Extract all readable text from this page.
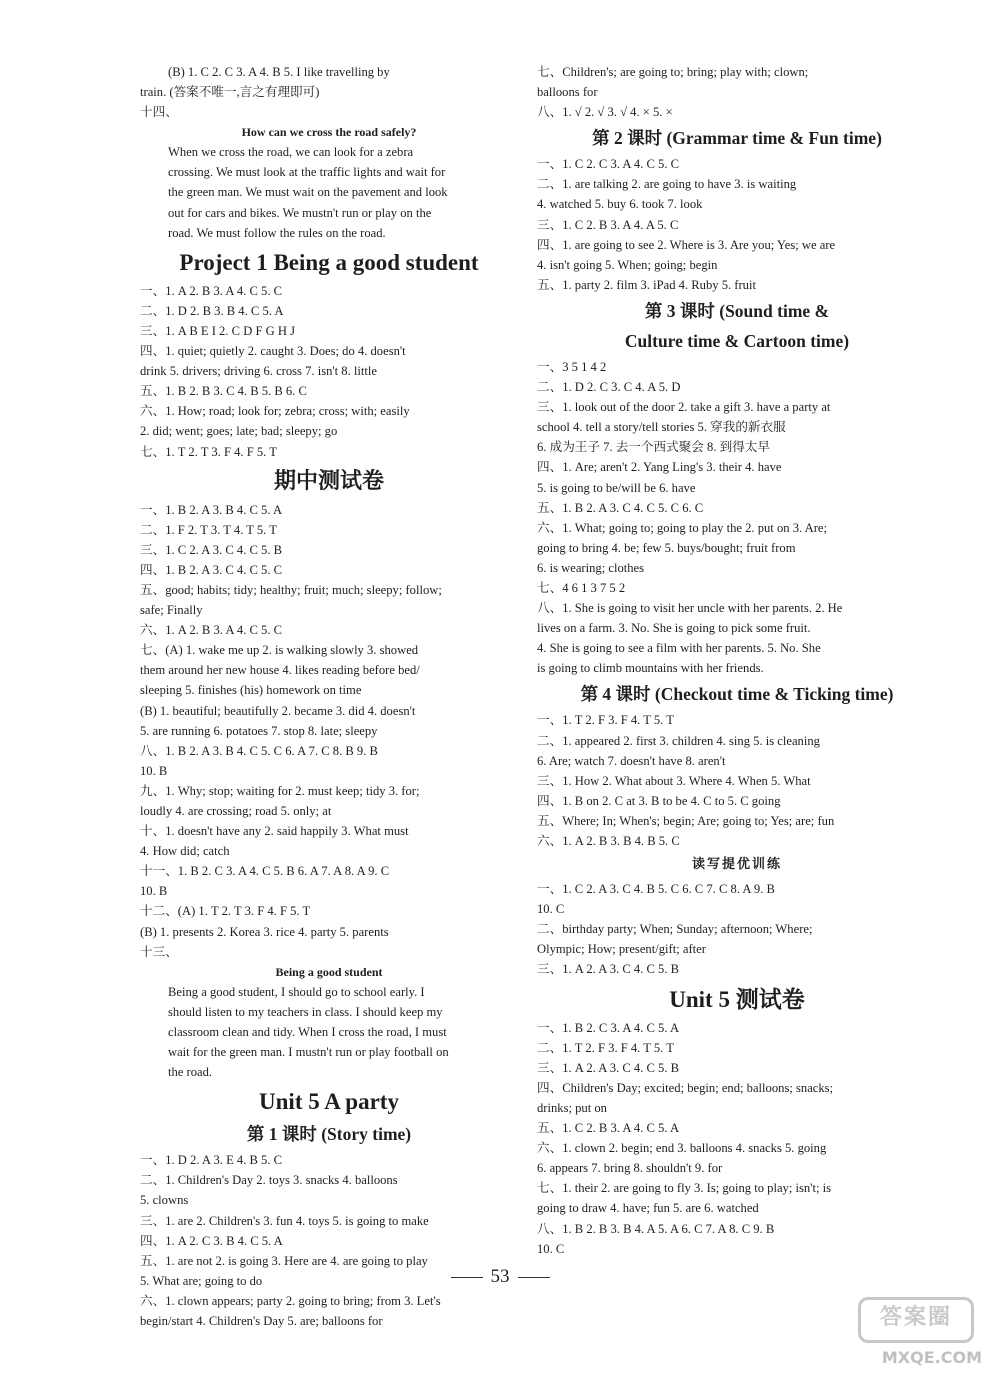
(B) 1. C 2. C 3. A 4. B 5. I like travelling by
train. (答案不唯一,言之有理即可)
十四、
How can we cross the road safely?
When we cross the road, we can look for a zebra
crossing. We must look at the traffic lights and wait for
the green man. We must wait on the pavement and look
out for cars and bikes. We mustn't run or play on the
road. We must follow the rules on the road.
Project 1 Being a good student
一、1. A 2. B 3. A 4. C 5. C
二、1. D 2. B 3. B 4. C 5. A
三、1. A B E I 2. C D F G H J
四、1. quiet; quietly 2. caught 3. Does; do 4. doesn't
drink 5. drivers; driving 6. cross 7. isn't 8. little
五、1. B 2. B 3. C 4. B 5. B 6. C
六、1. How; road; look for; zebra; cross; with; easily
2. did; went; goes; late; bad; sleepy; go
七、1. T 2. T 3. F 4. F 5. T
期中测试卷
一、1. B 2. A 3. B 4. C 5. A
二、1. F 2. T 3. T 4. T 5. T
三、1. C 2. A 3. C 4. C 5. B
四、1. B 2. A 3. C 4. C 5. C
五、good; habits; tidy; healthy; fruit; much; sleepy; follow;
safe; Finally
六、1. A 2. B 3. A 4. C 5. C
七、(A) 1. wake me up 2. is walking slowly 3. showed
them around her new house 4. likes reading before bed/
sleeping 5. finishes (his) homework on time
(B) 1. beautiful; beautifully 2. became 3. did 4. doesn't
5. are running 6. potatoes 7. stop 8. late; sleepy
八、1. B 2. A 3. B 4. C 5. C 6. A 7. C 8. B 9. B
10. B
九、1. Why; stop; waiting for 2. must keep; tidy 3. for;
loudly 4. are crossing; road 5. only; at
十、1. doesn't have any 2. said happily 3. What must
4. How did; catch
十一、1. B 2. C 3. A 4. C 5. B 6. A 7. A 8. A 9. C
10. B
十二、(A) 1. T 2. T 3. F 4. F 5. T
(B) 1. presents 2. Korea 3. rice 4. party 5. parents
十三、
Being a good student
Being a good student, I should go to school early. I
should listen to my teachers in class. I should keep my
classroom clean and tidy. When I cross the road, I must
wait for the green man. I mustn't run or play football on
the road.
Unit 5 A party
第 1 课时 (Story time)
一、1. D 2. A 3. E 4. B 5. C
二、1. Children's Day 2. toys 3. snacks 4. balloons
5. clowns
三、1. are 2. Children's 3. fun 4. toys 5. is going to make
四、1. A 2. C 3. B 4. C 5. A
五、1. are not 2. is going 3. Here are 4. are going to play
5. What are; going to do
六、1. clown appears; party 2. going to bring; from 3. Let's
begin/start 4. Children's Day 5. are; balloons for
七、Children's; are going to; bring; play with; clown;
balloons for
八、1. √ 2. √ 3. √ 4. × 5. ×
第 2 课时 (Grammar time & Fun time)
一、1. C 2. C 3. A 4. C 5. C
二、1. are talking 2. are going to have 3. is waiting
4. watched 5. buy 6. took 7. look
三、1. C 2. B 3. A 4. A 5. C
四、1. are going to see 2. Where is 3. Are you; Yes; we are
4. isn't going 5. When; going; begin
五、1. party 2. film 3. iPad 4. Ruby 5. fruit
第 3 课时 (Sound time &
Culture time & Cartoon time)
一、3 5 1 4 2
二、1. D 2. C 3. C 4. A 5. D
三、1. look out of the door 2. take a gift 3. have a party at
school 4. tell a story/tell stories 5. 穿我的新衣服
6. 成为王子 7. 去一个西式聚会 8. 到得太早
四、1. Are; aren't 2. Yang Ling's 3. their 4. have
5. is going to be/will be 6. have
五、1. B 2. A 3. C 4. C 5. C 6. C
六、1. What; going to; going to play the 2. put on 3. Are;
going to bring 4. be; few 5. buys/bought; fruit from
6. is wearing; clothes
七、4 6 1 3 7 5 2
八、1. She is going to visit her uncle with her parents. 2. He
lives on a farm. 3. No. She is going to pick some fruit.
4. She is going to see a film with her parents. 5. No. She
is going to climb mountains with her friends.
第 4 课时 (Checkout time & Ticking time)
一、1. T 2. F 3. F 4. T 5. T
二、1. appeared 2. first 3. children 4. sing 5. is cleaning
6. Are; watch 7. doesn't have 8. aren't
三、1. How 2. What about 3. Where 4. When 5. What
四、1. B on 2. C at 3. B to be 4. C to 5. C going
五、Where; In; When's; begin; Are; going to; Yes; are; fun
六、1. A 2. B 3. B 4. B 5. C
读写提优训练
一、1. C 2. A 3. C 4. B 5. C 6. C 7. C 8. A 9. B
10. C
二、birthday party; When; Sunday; afternoon; Where;
Olympic; How; present/gift; after
三、1. A 2. A 3. C 4. C 5. B
Unit 5 测试卷
一、1. B 2. C 3. A 4. C 5. A
二、1. T 2. F 3. F 4. T 5. T
三、1. A 2. A 3. C 4. C 5. B
四、Children's Day; excited; begin; end; balloons; snacks;
drinks; put on
五、1. C 2. B 3. A 4. C 5. A
六、1. clown 2. begin; end 3. balloons 4. snacks 5. going
6. appears 7. bring 8. shouldn't 9. for
七、1. their 2. are going to fly 3. Is; going to play; isn't; is
going to draw 4. have; fun 5. are 6. watched
八、1. B 2. B 3. B 4. A 5. A 6. C 7. A 8. C 9. B
10. C
53
答案圈
MXQE.COM
